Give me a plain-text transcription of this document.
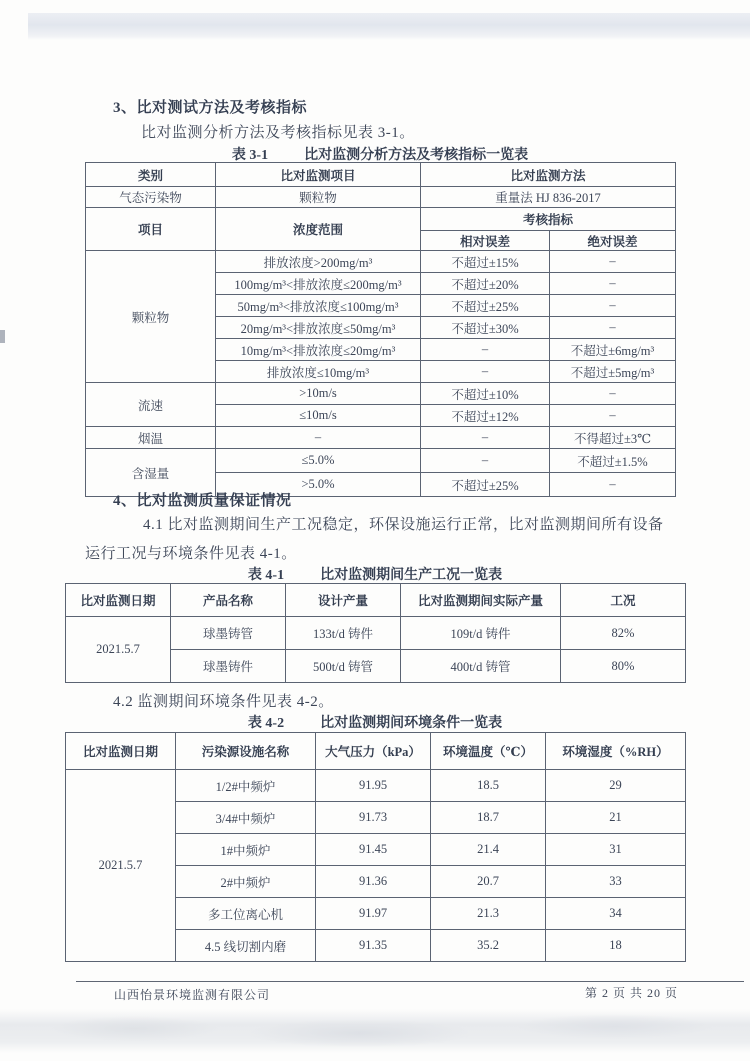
3、比对测试方法及考核指标
比对监测分析方法及考核指标见表 3-1。
表 3-1	比对监测分析方法及考核指标一览表
类别	比对监测项目	比对监测方法	
气态污染物	颗粒物	重量法 HJ 836-2017	
项目	浓度范围	考核指标	
		相对误差	绝对误差
颗粒物	排放浓度>200mg/m³	不超过±15%	–
	100mg/m³<排放浓度≤200mg/m³	不超过±20%	–
	50mg/m³<排放浓度≤100mg/m³	不超过±25%	–
	20mg/m³<排放浓度≤50mg/m³	不超过±30%	–
	10mg/m³<排放浓度≤20mg/m³	–	不超过±6mg/m³
	排放浓度≤10mg/m³	–	不超过±5mg/m³
流速	>10m/s	不超过±10%	–
	≤10m/s	不超过±12%	–
烟温	–	–	不得超过±3℃
含湿量	≤5.0%	–	不超过±1.5%
	>5.0%	不超过±25%	–
4、比对监测质量保证情况
4.1 比对监测期间生产工况稳定，环保设施运行正常，比对监测期间所有设备
运行工况与环境条件见表 4-1。
表 4-1	比对监测期间生产工况一览表
比对监测日期	产品名称	设计产量	比对监测期间实际产量	工况
2021.5.7	球墨铸管	133t/d 铸件	109t/d 铸件	82%
	球墨铸件	500t/d 铸管	400t/d 铸管	80%
4.2 监测期间环境条件见表 4-2。
表 4-2	比对监测期间环境条件一览表
比对监测日期	污染源设施名称	大气压力（kPa）	环境温度（℃）	环境湿度（%RH）
2021.5.7	1/2#中频炉	91.95	18.5	29
	3/4#中频炉	91.73	18.7	21
	1#中频炉	91.45	21.4	31
	2#中频炉	91.36	20.7	33
	多工位离心机	91.97	21.3	34
	4.5 线切割内磨	91.35	35.2	18
山西怡景环境监测有限公司	第 2 页 共 20 页
